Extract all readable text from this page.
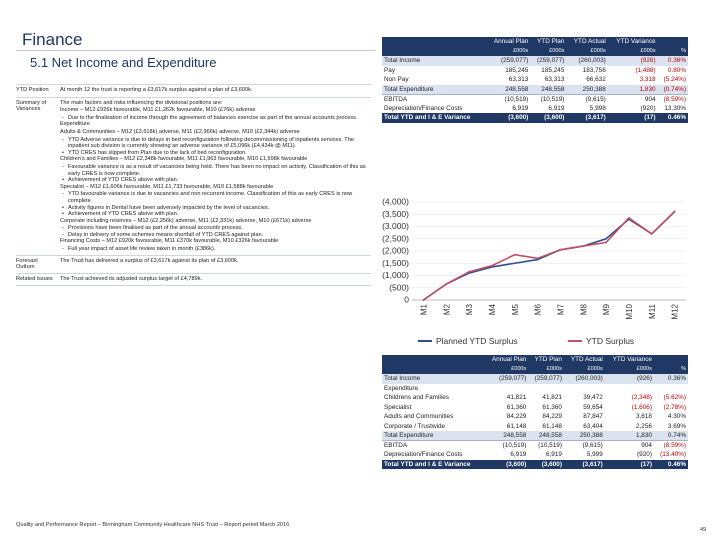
Finance
5.1 Net Income and Expenditure
YTD Position	At month 12 the trust is reporting a £3,617k surplus against a plan of £3,600k.
Summary of Variances
The main factors and risks influencing the divisional positions are:
Income – M12 £926k favourable, M11 £1,262k favourable, M10 (£76k) adverse
- Due to the finalisation of income through the agreement of balances exercise as part of the annual accounts process.
Expenditure
Adults & Communities – M12 (£3,618k) adverse, M11 (£2,966k) adverse, M10 (£2,344k) adverse
- YTD Adverse variance is due to delays in bed reconfiguration following decommissioning of inpatients services. The inpatient sub division is currently showing an adverse variance of £5,096k (£4,434k @ M11).
• YTD CRES has slipped from Plan due to the lack of bed reconfiguration.
Children’s and Families – M12 £2,348k favourable, M11 £1,963 favourable, M10 £1,698k favourable
- Favourable variance is as a result of vacancies being held. There has been no impact on activity. Classification of this as early CRES is now complete.
• Achievement of YTD CRES above with plan.
Specialist – M12 £1,606k favourable, M11 £1,733 favourable, M10 £1,588k favourable
- YTD favourable variance is due to vacancies and non recurrent income. Classification of this as early CRES is now complete.
• Activity figures in Dental have been adversely impacted by the level of vacancies.
• Achievement of YTD CRES above with plan.
Corporate including reserves – M12 (£2,256k) adverse, M11 (£2,331k) adverse, M10 (£671k) adverse
- Provisions have been finalised as part of the annual accounts process.
- Delay in delivery of some schemes means shortfall of YTD CRES against plan.
Financing Costs – M12 £920k favourable, M11 £370k favourable, M10 £326k favourable
- Full year impact of asset life review taken in month (£386k).
Forecast Outturn
The Trust has delivered a surplus of £3,617k against its plan of £3,600k.
Related issues	The Trust achieved its adjusted surplus target of £4,789k.
	Annual Plan	YTD Plan	YTD Actual	YTD Variance	
	£000s	£000s	£000s	£000s	%
Total Income	(259,077)	(259,077)	(260,003)	(926)	0.36%
Pay	185,245	185,245	183,756	(1,488)	0.80%
Non Pay	63,313	63,313	66,632	3,318	(5.24%)
Total Expenditure	248,558	248,558	250,388	1,830	(0.74%)
EBITDA	(10,519)	(10,519)	(9,615)	904	(8.59%)
Depreciation/Finance Costs	6,919	6,919	5,998	(920)	13.30%
Total YTD and I & E Variance	(3,600)	(3,600)	(3,617)	(17)	0.46%
(4,000)
(3,500)
(3,000)
(2,500)
(2,000)
(1,500)
(1,000)
(500)
0
M1 M2 M3 M4 M5 M6 M7 M8 M9 M10 M11 M12
Planned YTD Surplus	YTD Surplus
	Annual Plan	YTD Plan	YTD Actual	YTD Variance	
	£000s	£000s	£000s	£000s	%
Total Income	(259,077)	(259,077)	(260,003)	(926)	0.36%
Expenditure					
Childrens and Families	41,821	41,821	39,472	(2,348)	(5.62%)
Specialist	61,360	61,360	59,654	(1,606)	(2.78%)
Adults and Communities	84,229	84,229	87,847	3,618	4.30%
Corporate / Trustwide	61,148	61,148	63,404	2,256	3.69%
Total Expenditure	248,558	248,558	250,388	1,830	0.74%
EBITDA	(10,519)	(10,519)	(9,615)	904	(8.59%)
Depreciation/Finance Costs	6,919	6,919	5,999	(920)	(13.40%)
Total YTD and I & E Variance	(3,600)	(3,600)	(3,617)	(17)	0.46%
Quality and Performance Report – Birmingham Community Healthcare NHS Trust – Report period March 2016
49
